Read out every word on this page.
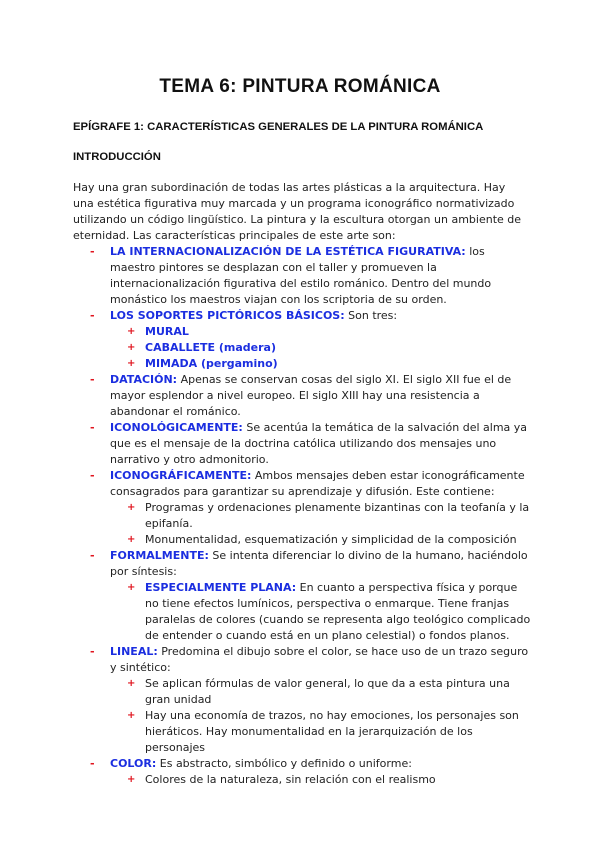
TEMA 6: PINTURA ROMÁNICA
EPÍGRAFE 1: CARACTERÍSTICAS GENERALES DE LA PINTURA ROMÁNICA
INTRODUCCIÓN
Hay una gran subordinación de todas las artes plásticas a la arquitectura. Hay una estética figurativa muy marcada y un programa iconográfico normativizado utilizando un código lingüístico. La pintura y la escultura otorgan un ambiente de eternidad. Las características principales de este arte son:
- LA INTERNACIONALIZACIÓN DE LA ESTÉTICA FIGURATIVA: los maestro pintores se desplazan con el taller y promueven la internacionalización figurativa del estilo románico. Dentro del mundo monástico los maestros viajan con los scriptoria de su orden.
- LOS SOPORTES PICTÓRICOS BÁSICOS: Son tres:
+ MURAL
+ CABALLETE (madera)
+ MIMADA (pergamino)
- DATACIÓN: Apenas se conservan cosas del siglo XI. El siglo XII fue el de mayor esplendor a nivel europeo. El siglo XIII hay una resistencia a abandonar el románico.
- ICONOLÓGICAMENTE: Se acentúa la temática de la salvación del alma ya que es el mensaje de la doctrina católica utilizando dos mensajes uno narrativo y otro admonitorio.
- ICONOGRÁFICAMENTE: Ambos mensajes deben estar iconográficamente consagrados para garantizar su aprendizaje y difusión. Este contiene:
+ Programas y ordenaciones plenamente bizantinas con la teofanía y la epifanía.
+ Monumentalidad, esquematización y simplicidad de la composición
- FORMALMENTE: Se intenta diferenciar lo divino de la humano, haciéndolo por síntesis:
+ ESPECIALMENTE PLANA: En cuanto a perspectiva física y porque no tiene efectos lumínicos, perspectiva o enmarque. Tiene franjas paralelas de colores (cuando se representa algo teológico complicado de entender o cuando está en un plano celestial) o fondos planos.
- LINEAL: Predomina el dibujo sobre el color, se hace uso de un trazo seguro y sintético:
+ Se aplican fórmulas de valor general, lo que da a esta pintura una gran unidad
+ Hay una economía de trazos, no hay emociones, los personajes son hieráticos. Hay monumentalidad en la jerarquización de los personajes
- COLOR: Es abstracto, simbólico y definido o uniforme:
+ Colores de la naturaleza, sin relación con el realismo
